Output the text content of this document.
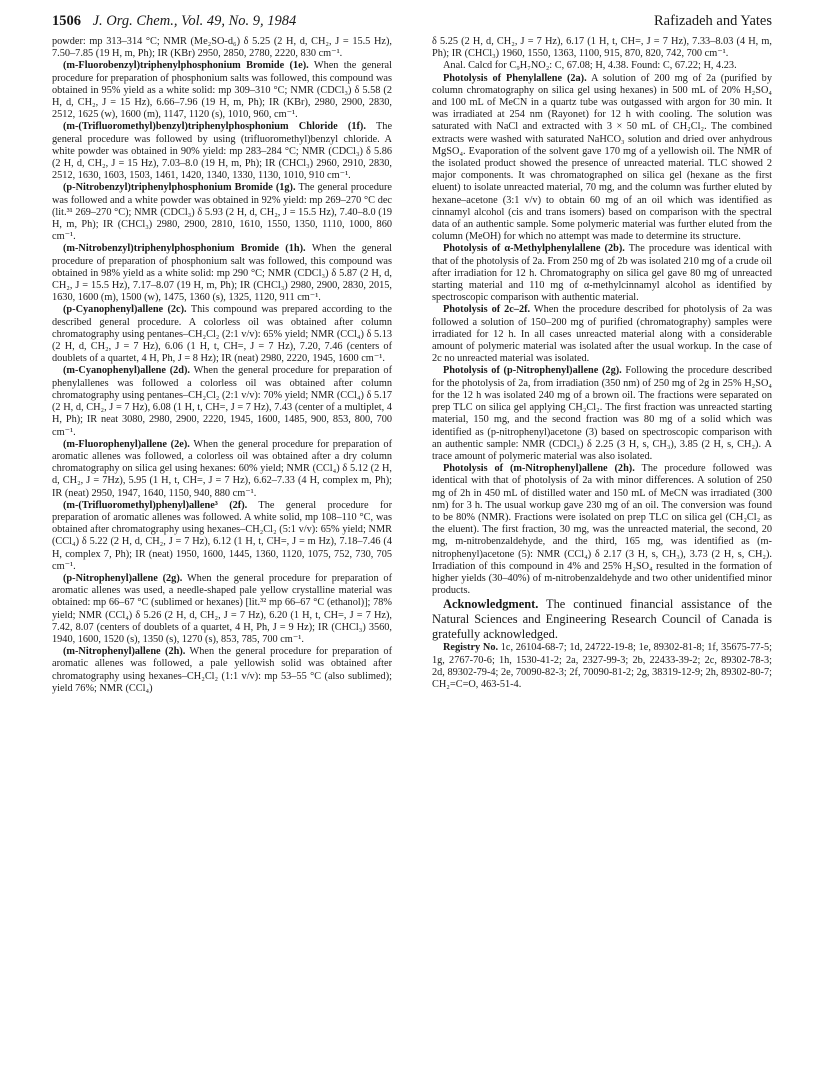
1506 J. Org. Chem., Vol. 49, No. 9, 1984	Rafizadeh and Yates

powder: mp 313–314 °C; NMR (Me₂SO-d₆) δ 5.25 (2 H, d, CH₂, J = 15.5 Hz), 7.50–7.85 (19 H, m, Ph); IR (KBr) 2950, 2850, 2780, 2220, 830 cm⁻¹.

(m-Fluorobenzyl)triphenylphosphonium Bromide (1e). When the general procedure for preparation of phosphonium salts was followed, this compound was obtained in 95% yield as a white solid: mp 309–310 °C; NMR (CDCl₃) δ 5.58 (2 H, d, CH₂, J = 15 Hz), 6.66–7.96 (19 H, m, Ph); IR (KBr), 2980, 2900, 2830, 2512, 1625 (w), 1600 (m), 1147, 1120 (s), 1010, 960, cm⁻¹.

(m-(Trifluoromethyl)benzyl)triphenylphosphonium Chloride (1f). The general procedure was followed by using (trifluoromethyl)benzyl chloride. A white powder was obtained in 90% yield: mp 283–284 °C; NMR (CDCl₃) δ 5.86 (2 H, d, CH₂, J = 15 Hz), 7.03–8.0 (19 H, m, Ph); IR (CHCl₃) 2960, 2910, 2830, 2512, 1630, 1603, 1503, 1461, 1420, 1340, 1330, 1130, 1010, 910 cm⁻¹.

(p-Nitrobenzyl)triphenylphosphonium Bromide (1g). The general procedure was followed and a white powder was obtained in 92% yield: mp 269–270 °C dec (lit.³¹ 269–270 °C); NMR (CDCl₃) δ 5.93 (2 H, d, CH₂, J = 15.5 Hz), 7.40–8.0 (19 H, m, Ph); IR (CHCl₃) 2980, 2900, 2810, 1610, 1550, 1350, 1110, 1000, 860 cm⁻¹.

(m-Nitrobenzyl)triphenylphosphonium Bromide (1h). When the general procedure of preparation of phosphonium salt was followed, this compound was obtained in 98% yield as a white solid: mp 290 °C; NMR (CDCl₃) δ 5.87 (2 H, d, CH₂, J = 15.5 Hz), 7.17–8.07 (19 H, m, Ph); IR (CHCl₃) 2980, 2900, 2830, 2015, 1630, 1600 (m), 1500 (w), 1475, 1360 (s), 1325, 1120, 911 cm⁻¹.

(p-Cyanophenyl)allene (2c). This compound was prepared according to the described general procedure. A colorless oil was obtained after column chromatography using pentanes–CH₂Cl₂ (2:1 v/v): 65% yield; NMR (CCl₄) δ 5.13 (2 H, d, CH₂, J = 7 Hz), 6.06 (1 H, t, CH=, J = 7 Hz), 7.20, 7.46 (centers of doublets of a quartet, 4 H, Ph, J = 8 Hz); IR (neat) 2980, 2220, 1945, 1600 cm⁻¹.

(m-Cyanophenyl)allene (2d). When the general procedure for preparation of phenylallenes was followed a colorless oil was obtained after column chromatography using pentanes–CH₂Cl₂ (2:1 v/v): 70% yield; NMR (CCl₄) δ 5.17 (2 H, d, CH₂, J = 7 Hz), 6.08 (1 H, t, CH=, J = 7 Hz), 7.43 (center of a multiplet, 4 H, Ph); IR neat 3080, 2980, 2900, 2220, 1945, 1600, 1485, 900, 853, 800, 700 cm⁻¹.

(m-Fluorophenyl)allene (2e). When the general procedure for preparation of aromatic allenes was followed, a colorless oil was obtained after a dry column chromatography on silica gel using hexanes: 60% yield; NMR (CCl₄) δ 5.12 (2 H, d, CH₂, J = 7Hz), 5.95 (1 H, t, CH=, J = 7 Hz), 6.62–7.33 (4 H, complex m, Ph); IR (neat) 2950, 1947, 1640, 1150, 940, 880 cm⁻¹.

(m-(Trifluoromethyl)phenyl)allene³ (2f). The general procedure for preparation of aromatic allenes was followed. A white solid, mp 108–110 °C, was obtained after chromatography using hexanes–CH₂Cl₂ (5:1 v/v): 65% yield; NMR (CCl₄) δ 5.22 (2 H, d, CH₂, J = 7 Hz), 6.12 (1 H, t, CH=, J = m Hz), 7.18–7.46 (4 H, complex 7, Ph); IR (neat) 1950, 1600, 1445, 1360, 1120, 1075, 752, 730, 705 cm⁻¹.

(p-Nitrophenyl)allene (2g). When the general procedure for preparation of aromatic allenes was used, a needle-shaped pale yellow crystalline material was obtained: mp 66–67 °C (sublimed or hexanes) [lit.³² mp 66–67 °C (ethanol)]; 78% yield; NMR (CCl₄) δ 5.26 (2 H, d, CH₂, J = 7 Hz), 6.20 (1 H, t, CH=, J = 7 Hz), 7.42, 8.07 (centers of doublets of a quartet, 4 H, Ph, J = 9 Hz); IR (CHCl₃) 3560, 1940, 1600, 1520 (s), 1350 (s), 1270 (s), 853, 785, 700 cm⁻¹.

(m-Nitrophenyl)allene (2h). When the general procedure for preparation of aromatic allenes was followed, a pale yellowish solid was obtained after chromatography using hexanes–CH₂Cl₂ (1:1 v/v): mp 53–55 °C (also sublimed); yield 76%; NMR (CCl₄)

δ 5.25 (2 H, d, CH₂, J = 7 Hz), 6.17 (1 H, t, CH=, J = 7 Hz), 7.33–8.03 (4 H, m, Ph); IR (CHCl₃) 1960, 1550, 1363, 1100, 915, 870, 820, 742, 700 cm⁻¹.

Anal. Calcd for C₉H₇NO₂: C, 67.08; H, 4.38. Found: C, 67.22; H, 4.23.

Photolysis of Phenylallene (2a). A solution of 200 mg of 2a (purified by column chromatography on silica gel using hexanes) in 500 mL of 20% H₂SO₄ and 100 mL of MeCN in a quartz tube was outgassed with argon for 30 min. It was irradiated at 254 nm (Rayonet) for 12 h with cooling. The solution was saturated with NaCl and extracted with 3 × 50 mL of CH₂Cl₂. The combined extracts were washed with saturated NaHCO₃ solution and dried over anhydrous MgSO₄. Evaporation of the solvent gave 170 mg of a yellowish oil. The NMR of the isolated product showed the presence of unreacted material. TLC showed 2 major components. It was chromatographed on silica gel (hexane as the first eluent) to isolate unreacted material, 70 mg, and the column was further eluted by hexane–acetone (3:1 v/v) to obtain 60 mg of an oil which was identified as cinnamyl alcohol (cis and trans isomers) based on comparison with the spectral data of an authentic sample. Some polymeric material was further eluted from the column (MeOH) for which no attempt was made to determine its structure.

Photolysis of α-Methylphenylallene (2b). The procedure was identical with that of the photolysis of 2a. From 250 mg of 2b was isolated 210 mg of a crude oil after irradiation for 12 h. Chromatography on silica gel gave 80 mg of unreacted starting material and 110 mg of α-methylcinnamyl alcohol as identified by spectroscopic comparison with authentic material.

Photolysis of 2c–2f. When the procedure described for photolysis of 2a was followed a solution of 150–200 mg of purified (chromatography) samples were irradiated for 12 h. In all cases unreacted material along with a considerable amount of polymeric material was isolated after the usual workup. In the case of 2c no unreacted material was isolated.

Photolysis of (p-Nitrophenyl)allene (2g). Following the procedure described for the photolysis of 2a, from irradiation (350 nm) of 250 mg of 2g in 25% H₂SO₄ for the 12 h was isolated 240 mg of a brown oil. The fractions were separated on prep TLC on silica gel applying CH₂Cl₂. The first fraction was unreacted starting material, 150 mg, and the second fraction was 80 mg of a solid which was identified as (p-nitrophenyl)acetone (3) based on spectroscopic comparison with an authentic sample: NMR (CDCl₃) δ 2.25 (3 H, s, CH₃), 3.85 (2 H, s, CH₂). A trace amount of polymeric material was also isolated.

Photolysis of (m-Nitrophenyl)allene (2h). The procedure followed was identical with that of photolysis of 2a with minor differences. A solution of 250 mg of 2h in 450 mL of distilled water and 150 mL of MeCN was irradiated (300 nm) for 3 h. The usual workup gave 230 mg of an oil. The conversion was found to be 80% (NMR). Fractions were isolated on prep TLC on silica gel (CH₂Cl₂ as the eluent). The first fraction, 30 mg, was the unreacted material, the second, 20 mg, m-nitrobenzaldehyde, and the third, 165 mg, was identified as (m-nitrophenyl)acetone (5): NMR (CCl₄) δ 2.17 (3 H, s, CH₃), 3.73 (2 H, s, CH₂). Irradiation of this compound in 4% and 25% H₂SO₄ resulted in the formation of higher yields (30–40%) of m-nitrobenzaldehyde and two other unidentified minor products.

Acknowledgment. The continued financial assistance of the Natural Sciences and Engineering Research Council of Canada is gratefully acknowledged.

Registry No. 1c, 26104-68-7; 1d, 24722-19-8; 1e, 89302-81-8; 1f, 35675-77-5; 1g, 2767-70-6; 1h, 1530-41-2; 2a, 2327-99-3; 2b, 22433-39-2; 2c, 89302-78-3; 2d, 89302-79-4; 2e, 70090-82-3; 2f, 70090-81-2; 2g, 38319-12-9; 2h, 89302-80-7; CH₂=C=O, 463-51-4.
